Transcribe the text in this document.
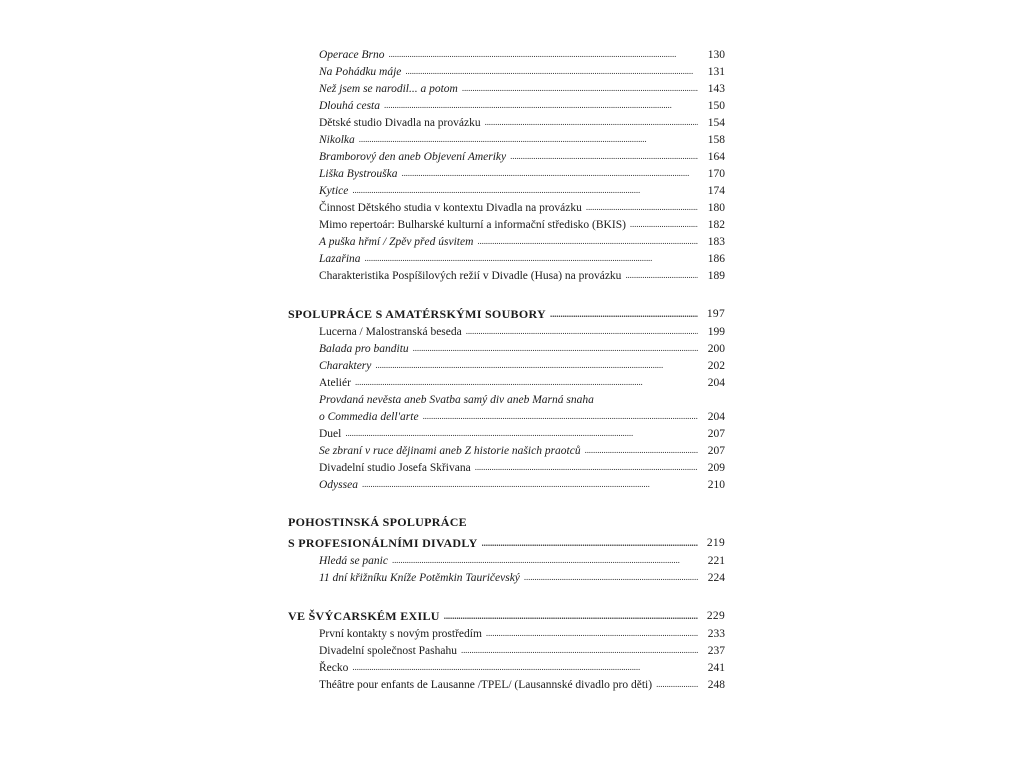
Operace Brno . . .	130
Na Pohádku máje . . .	131
Než jsem se narodil... a potom . . .	143
Dlouhá cesta . . .	150
Dětské studio Divadla na provázku . . .	154
Nikolka . . .	158
Bramborový den aneb Objevení Ameriky . . .	164
Liška Bystrouška . . .	170
Kytice . . .	174
Činnost Dětského studia v kontextu Divadla na provázku . . .	180
Mimo repertoár: Bulharské kulturní a informační středisko (BKIS) . . .	182
A puška hřmí / Zpěv před úsvitem . . .	183
Lazařina . . .	186
Charakteristika Pospíšilových režií v Divadle (Husa) na provázku . . .	189
SPOLUPRÁCE S AMATÉRSKÝMI SOUBORY . . .	197
Lucerna / Malostranská beseda . . .	199
Balada pro banditu . . .	200
Charaktery . . .	202
Ateliér . . .	204
Provdaná nevěsta aneb Svatba samý div aneb Marná snaha
o Commedia dell'arte . . .	204
Duel . . .	207
Se zbraní v ruce dějinami aneb Z historie našich praotců . . .	207
Divadelní studio Josefa Skřivana . . .	209
Odyssea . . .	210
POHOSTINSKÁ SPOLUPRÁCE
S PROFESIONÁLNÍMI DIVADLY . . .	219
Hledá se panic . . .	221
11 dní křižníku Kníže Potěmkin Tauričevský . . .	224
VE ŠVÝCARSKÉM EXILU . . .	229
První kontakty s novým prostředím . . .	233
Divadelní společnost Pashahu . . .	237
Řecko . . .	241
Théâtre pour enfants de Lausanne /TPEL/ (Lausannské divadlo pro děti) . . .	248
